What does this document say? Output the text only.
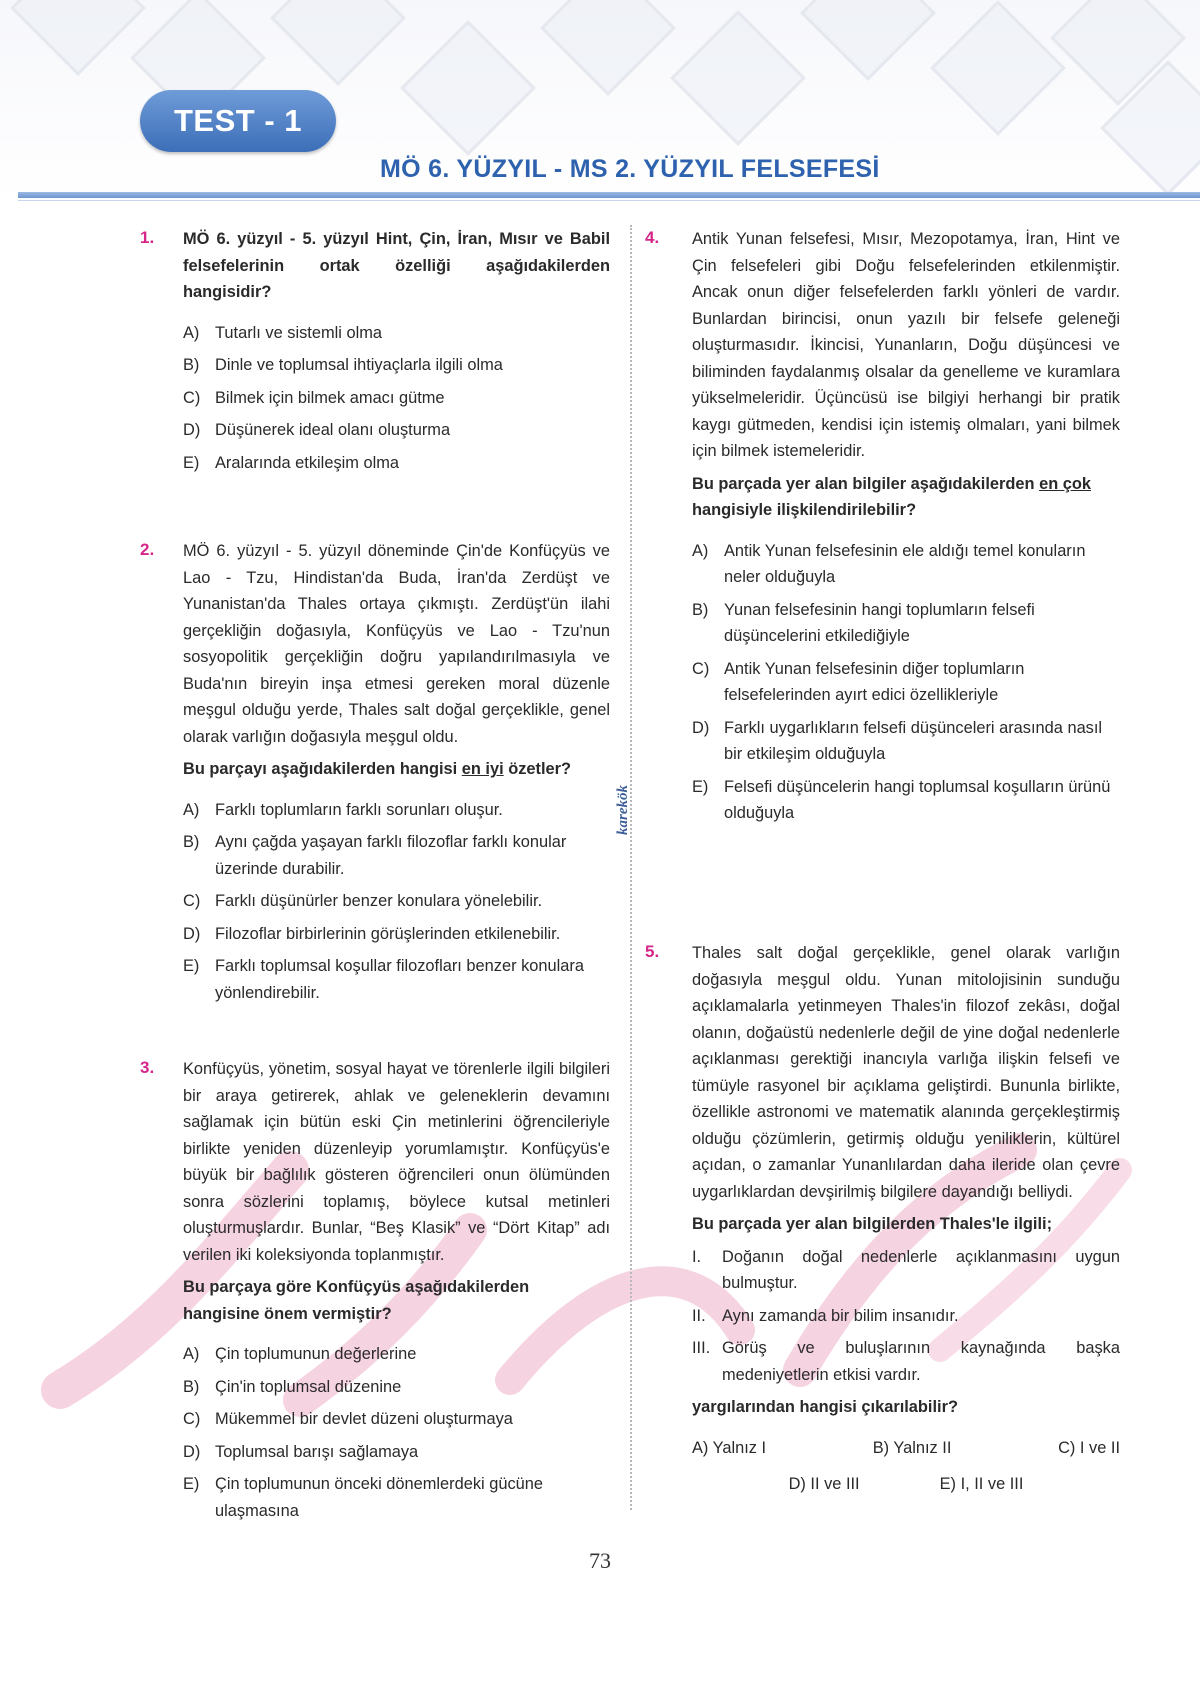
TEST - 1
MÖ 6. YÜZYIL - MS 2. YÜZYIL FELSEFESİ
karekök
1. MÖ 6. yüzyıl - 5. yüzyıl Hint, Çin, İran, Mısır ve Babil felsefelerinin ortak özelliği aşağıdakilerden hangisidir?
A) Tutarlı ve sistemli olma
B) Dinle ve toplumsal ihtiyaçlarla ilgili olma
C) Bilmek için bilmek amacı gütme
D) Düşünerek ideal olanı oluşturma
E) Aralarında etkileşim olma
2. MÖ 6. yüzyıl - 5. yüzyıl döneminde Çin'de Konfüçyüs ve Lao - Tzu, Hindistan'da Buda, İran'da Zerdüşt ve Yunanistan'da Thales ortaya çıkmıştı. Zerdüşt'ün ilahi gerçekliğin doğasıyla, Konfüçyüs ve Lao - Tzu'nun sosyopolitik gerçekliğin doğru yapılandırılmasıyla ve Buda'nın bireyin inşa etmesi gereken moral düzenle meşgul olduğu yerde, Thales salt doğal gerçeklikle, genel olarak varlığın doğasıyla meşgul oldu.
Bu parçayı aşağıdakilerden hangisi en iyi özetler?
A) Farklı toplumların farklı sorunları oluşur.
B) Aynı çağda yaşayan farklı filozoflar farklı konular üzerinde durabilir.
C) Farklı düşünürler benzer konulara yönelebilir.
D) Filozoflar birbirlerinin görüşlerinden etkilenebilir.
E) Farklı toplumsal koşullar filozofları benzer konulara yönlendirebilir.
3. Konfüçyüs, yönetim, sosyal hayat ve törenlerle ilgili bilgileri bir araya getirerek, ahlak ve geleneklerin devamını sağlamak için bütün eski Çin metinlerini öğrencileriyle birlikte yeniden düzenleyip yorumlamıştır. Konfüçyüs'e büyük bir bağlılık gösteren öğrencileri onun ölümünden sonra sözlerini toplamış, böylece kutsal metinleri oluşturmuşlardır. Bunlar, “Beş Klasik” ve “Dört Kitap” adı verilen iki koleksiyonda toplanmıştır.
Bu parçaya göre Konfüçyüs aşağıdakilerden hangisine önem vermiştir?
A) Çin toplumunun değerlerine
B) Çin'in toplumsal düzenine
C) Mükemmel bir devlet düzeni oluşturmaya
D) Toplumsal barışı sağlamaya
E) Çin toplumunun önceki dönemlerdeki gücüne ulaşmasına
4. Antik Yunan felsefesi, Mısır, Mezopotamya, İran, Hint ve Çin felsefeleri gibi Doğu felsefelerinden etkilenmiştir. Ancak onun diğer felsefelerden farklı yönleri de vardır. Bunlardan birincisi, onun yazılı bir felsefe geleneği oluşturmasıdır. İkincisi, Yunanların, Doğu düşüncesi ve biliminden faydalanmış olsalar da genelleme ve kuramlara yükselmeleridir. Üçüncüsü ise bilgiyi herhangi bir pratik kaygı gütmeden, kendisi için istemiş olmaları, yani bilmek için bilmek istemeleridir.
Bu parçada yer alan bilgiler aşağıdakilerden en çok hangisiyle ilişkilendirilebilir?
A) Antik Yunan felsefesinin ele aldığı temel konuların neler olduğuyla
B) Yunan felsefesinin hangi toplumların felsefi düşüncelerini etkilediğiyle
C) Antik Yunan felsefesinin diğer toplumların felsefelerinden ayırt edici özellikleriyle
D) Farklı uygarlıkların felsefi düşünceleri arasında nasıl bir etkileşim olduğuyla
E) Felsefi düşüncelerin hangi toplumsal koşulların ürünü olduğuyla
5. Thales salt doğal gerçeklikle, genel olarak varlığın doğasıyla meşgul oldu. Yunan mitolojisinin sunduğu açıklamalarla yetinmeyen Thales'in filozof zekâsı, doğal olanın, doğaüstü nedenlerle değil de yine doğal nedenlerle açıklanması gerektiği inancıyla varlığa ilişkin felsefi ve tümüyle rasyonel bir açıklama geliştirdi. Bununla birlikte, özellikle astronomi ve matematik alanında gerçekleştirmiş olduğu çözümlerin, getirmiş olduğu yeniliklerin, kültürel açıdan, o zamanlar Yunanlılardan daha ileride olan çevre uygarlıklardan devşirilmiş bilgilere dayandığı belliydi.
Bu parçada yer alan bilgilerden Thales'le ilgili;
I.	Doğanın doğal nedenlerle açıklanmasını uygun bulmuştur.
II. Aynı zamanda bir bilim insanıdır.
III. Görüş ve buluşlarının kaynağında başka medeniyetlerin etkisi vardır.
yargılarından hangisi çıkarılabilir?
A) Yalnız I	B) Yalnız II	C) I ve II
D) II ve III	E) I, II ve III
73
